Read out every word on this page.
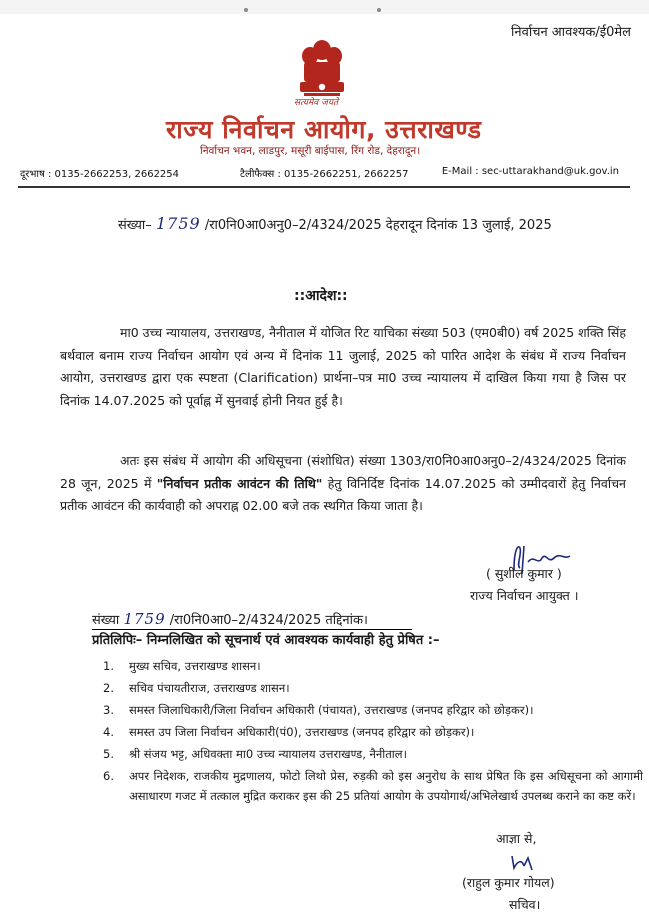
निर्वाचन आवश्यक/ई0मेल
सत्यमेव जयते
राज्य निर्वाचन आयोग, उत्तराखण्ड
निर्वाचन भवन, लाडपुर, मसूरी बाईपास, रिंग रोड, देहरादून।
दूरभाष : 0135-2662253, 2662254	टैलीफैक्स : 0135-2662251, 2662257	E-Mail : sec-uttarakhand@uk.gov.in
संख्या– 1759 /रा0नि0आ0अनु0–2/4324/2025 देहरादून दिनांक 13 जुलाई, 2025
::आदेश::
मा0 उच्च न्यायालय, उत्तराखण्ड, नैनीताल में योजित रिट याचिका संख्या 503 (एम0बी0) वर्ष 2025 शक्ति सिंह बर्थवाल बनाम राज्य निर्वाचन आयोग एवं अन्य में दिनांक 11 जुलाई, 2025 को पारित आदेश के संबंध में राज्य निर्वाचन आयोग, उत्तराखण्ड द्वारा एक स्पष्टता (Clarification) प्रार्थना–पत्र मा0 उच्च न्यायालय में दाखिल किया गया है जिस पर दिनांक 14.07.2025 को पूर्वाह्न में सुनवाई होनी नियत हुई है।
अतः इस संबंध में आयोग की अधिसूचना (संशोधित) संख्या 1303/रा0नि0आ0अनु0–2/4324/2025 दिनांक 28 जून, 2025 में "निर्वाचन प्रतीक आवंटन की तिथि" हेतु विनिर्दिष्ट दिनांक 14.07.2025 को उम्मीदवारों हेतु निर्वाचन प्रतीक आवंटन की कार्यवाही को अपराह्न 02.00 बजे तक स्थगित किया जाता है।
( सुशील कुमार )
राज्य निर्वाचन आयुक्त ।
संख्या 1759 /रा0नि0आ0–2/4324/2025 तद्दिनांक।
प्रतिलिपिः– निम्नलिखित को सूचनार्थ एवं आवश्यक कार्यवाही हेतु प्रेषित :–
1. मुख्य सचिव, उत्तराखण्ड शासन।
2. सचिव पंचायतीराज, उत्तराखण्ड शासन।
3. समस्त जिलाधिकारी/जिला निर्वाचन अधिकारी (पंचायत), उत्तराखण्ड (जनपद हरिद्वार को छोड़कर)।
4. समस्त उप जिला निर्वाचन अधिकारी(पं0), उत्तराखण्ड (जनपद हरिद्वार को छोड़कर)।
5. श्री संजय भट्ट, अधिवक्ता मा0 उच्च न्यायालय उत्तराखण्ड, नैनीताल।
6. अपर निदेशक, राजकीय मुद्रणालय, फोटो लिथो प्रेस, रुड़की को इस अनुरोध के साथ प्रेषित कि इस अधिसूचना को आगामी असाधारण गजट में तत्काल मुद्रित कराकर इस की 25 प्रतियां आयोग के उपयोगार्थ/अभिलेखार्थ उपलब्ध कराने का कष्ट करें।
आज्ञा से,
(राहुल कुमार गोयल)
सचिव।
